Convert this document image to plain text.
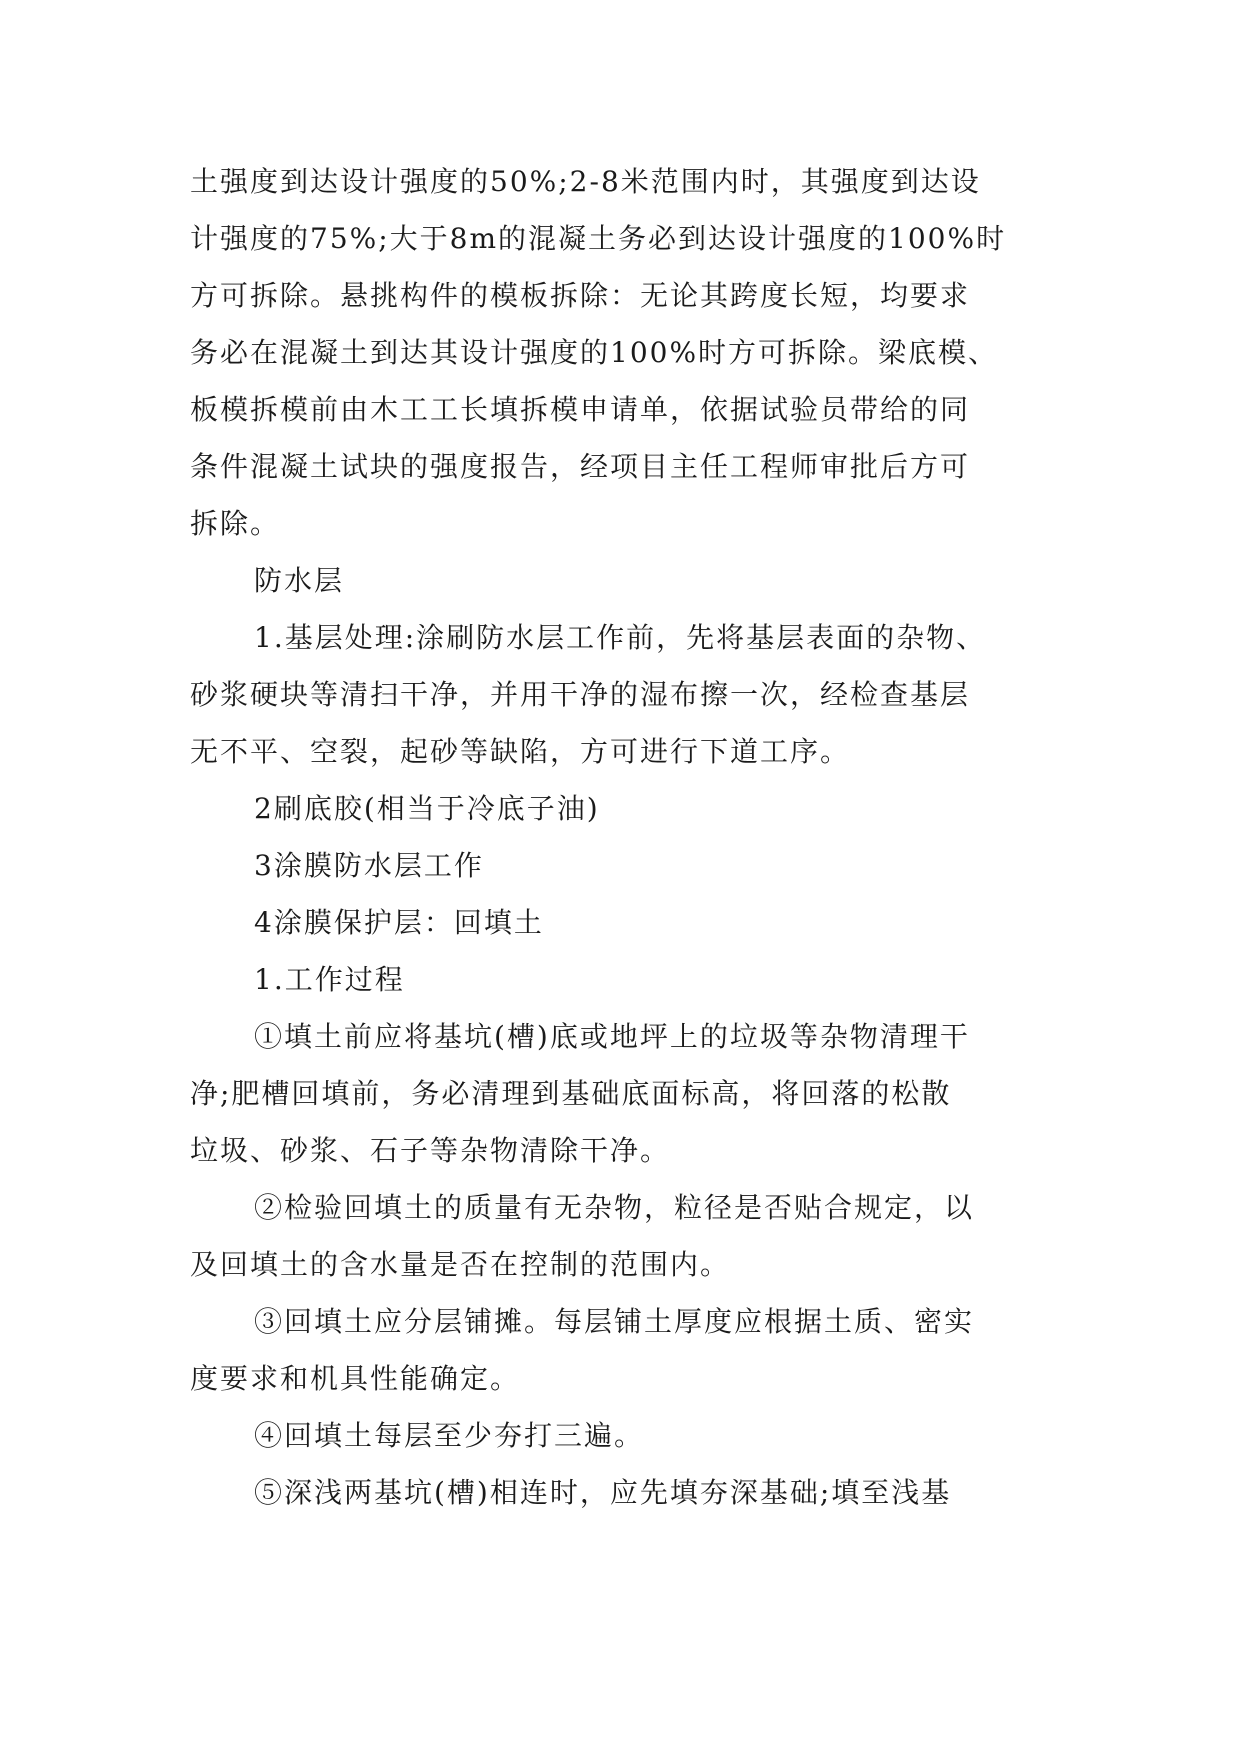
土强度到达设计强度的50%;2-8米范围内时，其强度到达设
计强度的75%;大于8m的混凝土务必到达设计强度的100%时
方可拆除。悬挑构件的模板拆除：无论其跨度长短，均要求
务必在混凝土到达其设计强度的100%时方可拆除。梁底模、
板模拆模前由木工工长填拆模申请单，依据试验员带给的同
条件混凝土试块的强度报告，经项目主任工程师审批后方可
拆除。
防水层
1.基层处理:涂刷防水层工作前，先将基层表面的杂物、
砂浆硬块等清扫干净，并用干净的湿布擦一次，经检查基层
无不平、空裂，起砂等缺陷，方可进行下道工序。
2刷底胶(相当于冷底子油)
3涂膜防水层工作
4涂膜保护层：回填土
1.工作过程
①填土前应将基坑(槽)底或地坪上的垃圾等杂物清理干
净;肥槽回填前，务必清理到基础底面标高，将回落的松散
垃圾、砂浆、石子等杂物清除干净。
②检验回填土的质量有无杂物，粒径是否贴合规定，以
及回填土的含水量是否在控制的范围内。
③回填土应分层铺摊。每层铺土厚度应根据土质、密实
度要求和机具性能确定。
④回填土每层至少夯打三遍。
⑤深浅两基坑(槽)相连时，应先填夯深基础;填至浅基
